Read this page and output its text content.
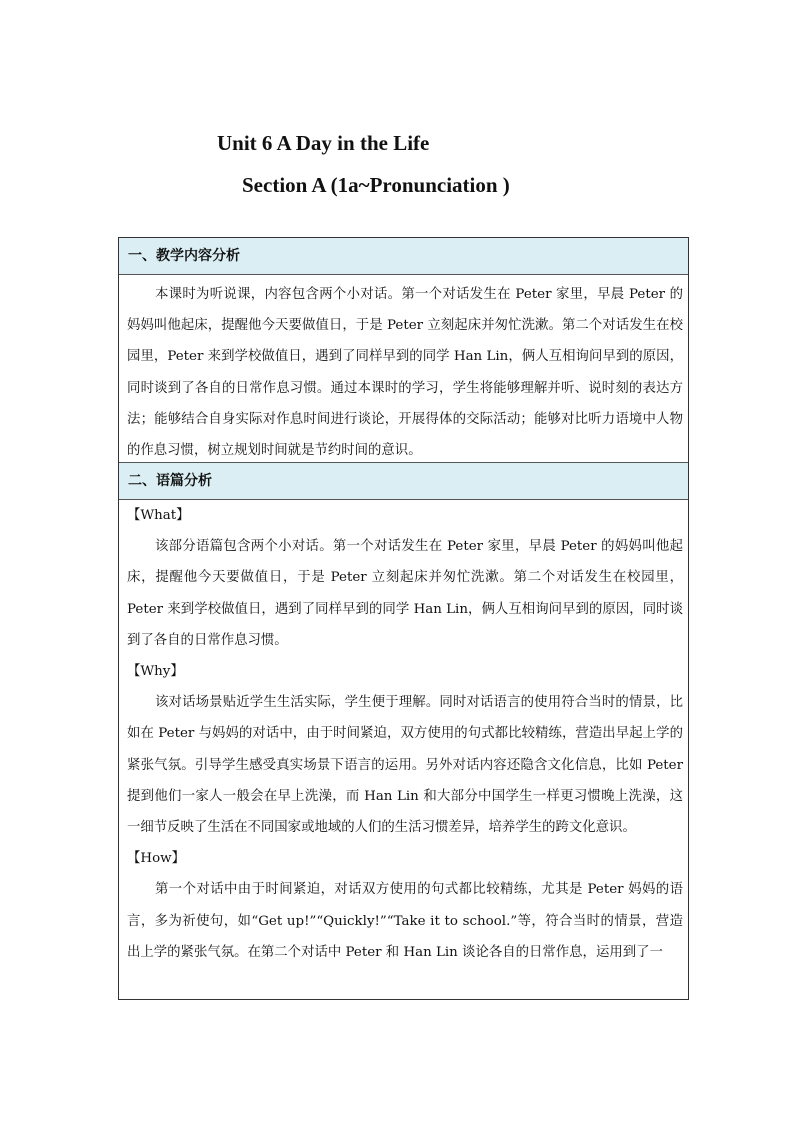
Unit 6 A Day in the Life
Section A (1a~Pronunciation )
一、教学内容分析

本课时为听说课，内容包含两个小对话。第一个对话发生在 Peter 家里，早晨 Peter 的妈妈叫他起床，提醒他今天要做值日，于是 Peter 立刻起床并匆忙洗漱。第二个对话发生在校园里，Peter 来到学校做值日，遇到了同样早到的同学 Han Lin，俩人互相询问早到的原因，同时谈到了各自的日常作息习惯。通过本课时的学习，学生将能够理解并听、说时刻的表达方法；能够结合自身实际对作息时间进行谈论，开展得体的交际活动；能够对比听力语境中人物的作息习惯，树立规划时间就是节约时间的意识。

二、语篇分析

【What】

该部分语篇包含两个小对话。第一个对话发生在 Peter 家里，早晨 Peter 的妈妈叫他起床，提醒他今天要做值日，于是 Peter 立刻起床并匆忙洗漱。第二个对话发生在校园里，Peter 来到学校做值日，遇到了同样早到的同学 Han Lin，俩人互相询问早到的原因，同时谈到了各自的日常作息习惯。

【Why】

该对话场景贴近学生生活实际，学生便于理解。同时对话语言的使用符合当时的情景，比如在 Peter 与妈妈的对话中，由于时间紧迫，双方使用的句式都比较精练，营造出早起上学的紧张气氛。引导学生感受真实场景下语言的运用。另外对话内容还隐含文化信息，比如 Peter 提到他们一家人一般会在早上洗澡，而 Han Lin 和大部分中国学生一样更习惯晚上洗澡，这一细节反映了生活在不同国家或地域的人们的生活习惯差异，培养学生的跨文化意识。

【How】

第一个对话中由于时间紧迫，对话双方使用的句式都比较精练，尤其是 Peter 妈妈的语言，多为祈使句，如“Get up!”“Quickly!”“Take it to school.”等，符合当时的情景，营造出上学的紧张气氛。在第二个对话中 Peter 和 Han Lin 谈论各自的日常作息，运用到了一
